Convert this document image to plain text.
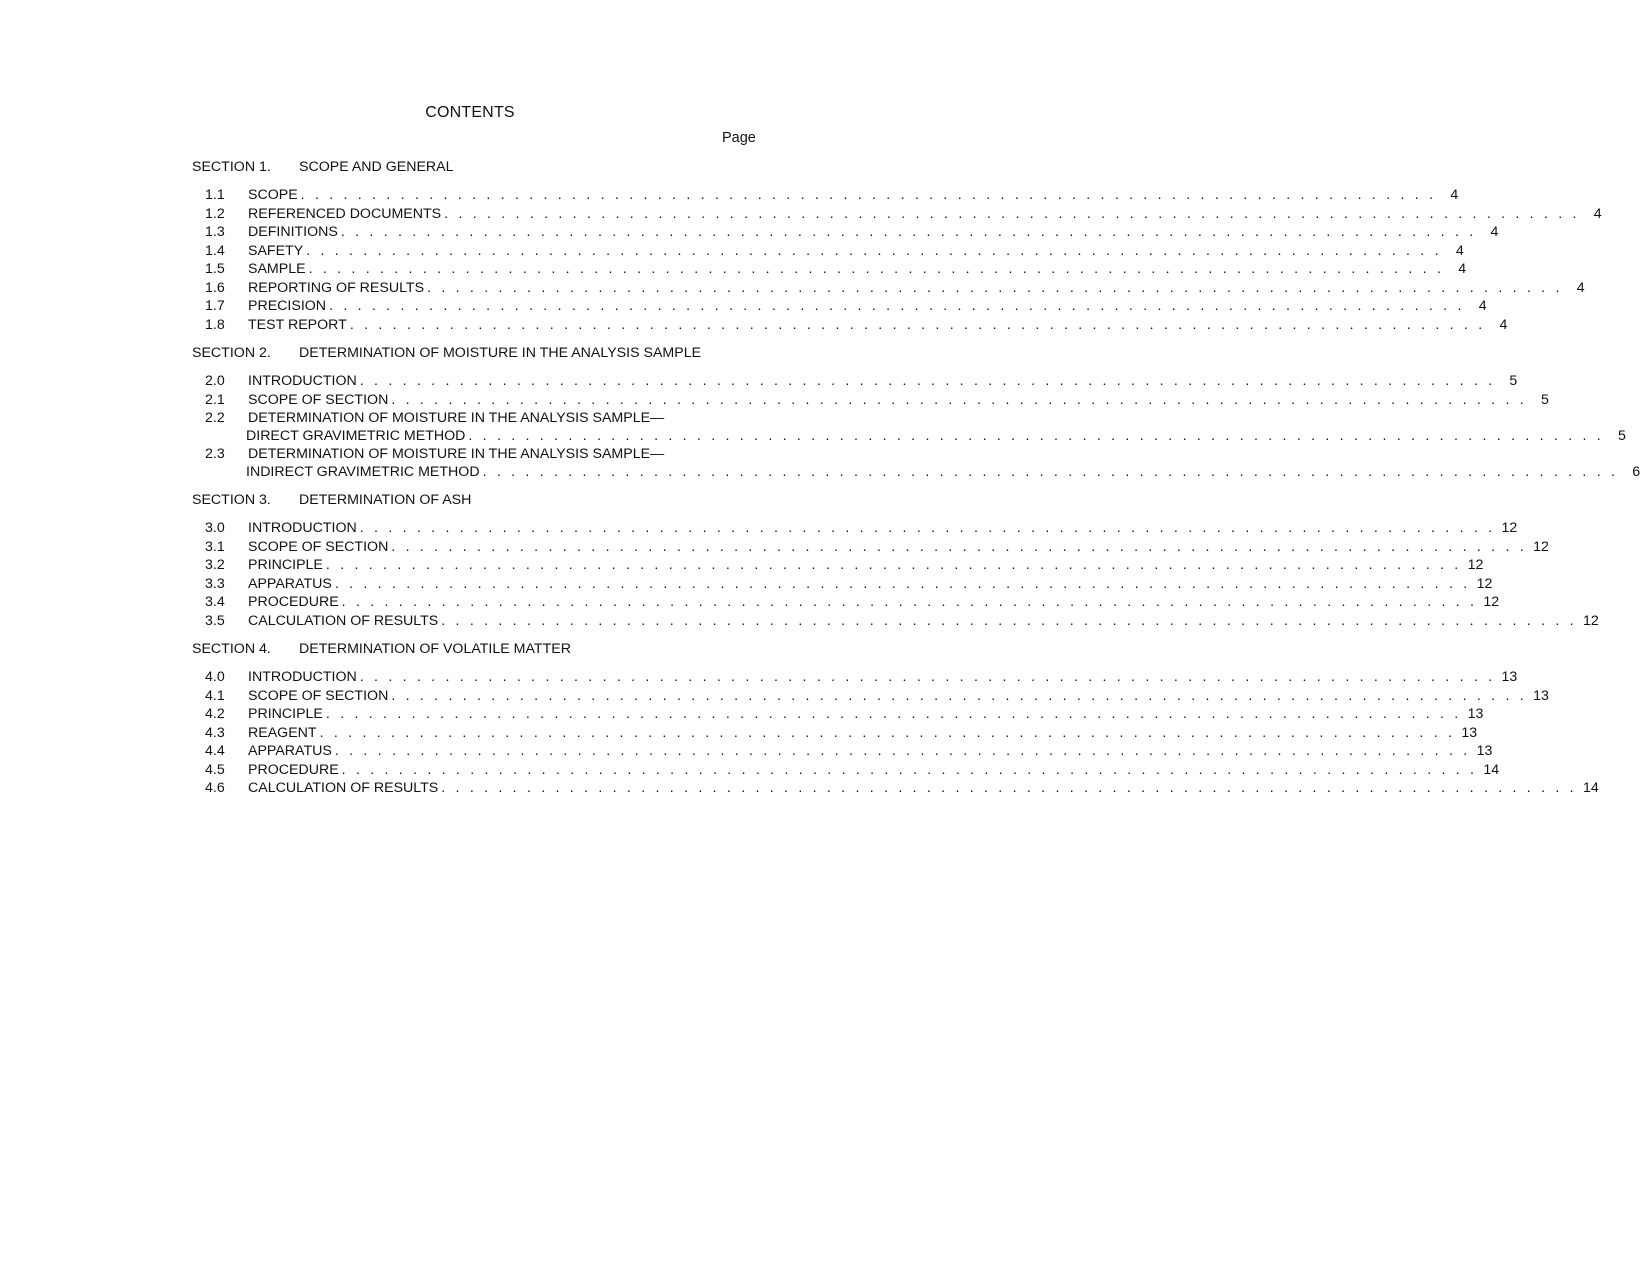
CONTENTS
Page
SECTION 1. SCOPE AND GENERAL
1.1	SCOPE . . . . . . . . . . . . . . . . . . . . . . . . . . . . . . . . . . . . . . . . . . . . . . . . . . . . . . . . . . . . . . . . . . . . . . . . . . . . . . . . 4
1.2	REFERENCED DOCUMENTS . . . . . . . . . . . . . . . . . . . . . . . . . . . . . . . . . . . . . . . . . . . . . . . . . . . . . . . . . . . . . . . . . . . . . . . . . . . . . . . . 4
1.3	DEFINITIONS . . . . . . . . . . . . . . . . . . . . . . . . . . . . . . . . . . . . . . . . . . . . . . . . . . . . . . . . . . . . . . . . . . . . . . . . . . . . . . . . 4
1.4	SAFETY . . . . . . . . . . . . . . . . . . . . . . . . . . . . . . . . . . . . . . . . . . . . . . . . . . . . . . . . . . . . . . . . . . . . . . . . . . . . . . . . 4
1.5	SAMPLE . . . . . . . . . . . . . . . . . . . . . . . . . . . . . . . . . . . . . . . . . . . . . . . . . . . . . . . . . . . . . . . . . . . . . . . . . . . . . . . . 4
1.6	REPORTING OF RESULTS . . . . . . . . . . . . . . . . . . . . . . . . . . . . . . . . . . . . . . . . . . . . . . . . . . . . . . . . . . . . . . . . . . . . . . . . . . . . . . . . 4
1.7	PRECISION . . . . . . . . . . . . . . . . . . . . . . . . . . . . . . . . . . . . . . . . . . . . . . . . . . . . . . . . . . . . . . . . . . . . . . . . . . . . . . . . 4
1.8	TEST REPORT . . . . . . . . . . . . . . . . . . . . . . . . . . . . . . . . . . . . . . . . . . . . . . . . . . . . . . . . . . . . . . . . . . . . . . . . . . . . . . . . 4
SECTION 2. DETERMINATION OF MOISTURE IN THE ANALYSIS SAMPLE
2.0	INTRODUCTION . . . . . . . . . . . . . . . . . . . . . . . . . . . . . . . . . . . . . . . . . . . . . . . . . . . . . . . . . . . . . . . . . . . . . . . . . . . . . . . . 5
2.1	SCOPE OF SECTION . . . . . . . . . . . . . . . . . . . . . . . . . . . . . . . . . . . . . . . . . . . . . . . . . . . . . . . . . . . . . . . . . . . . . . . . . . . . . . . . 5
2.2	DETERMINATION OF MOISTURE IN THE ANALYSIS SAMPLE—
DIRECT GRAVIMETRIC METHOD . . . . . . . . . . . . . . . . . . . . . . . . . . . . . . . . . . . . . . . . . . . . . . . . . . . . . . . . . . . . . . . . . . . . . . . . . . . . . . . . 5
2.3	DETERMINATION OF MOISTURE IN THE ANALYSIS SAMPLE—
INDIRECT GRAVIMETRIC METHOD . . . . . . . . . . . . . . . . . . . . . . . . . . . . . . . . . . . . . . . . . . . . . . . . . . . . . . . . . . . . . . . . . . . . . . . . . . . . . . . . 6
SECTION 3. DETERMINATION OF ASH
3.0	INTRODUCTION . . . . . . . . . . . . . . . . . . . . . . . . . . . . . . . . . . . . . . . . . . . . . . . . . . . . . . . . . . . . . . . . . . . . . . . . . . . . . . . . 12
3.1	SCOPE OF SECTION . . . . . . . . . . . . . . . . . . . . . . . . . . . . . . . . . . . . . . . . . . . . . . . . . . . . . . . . . . . . . . . . . . . . . . . . . . . . . . . . 12
3.2	PRINCIPLE . . . . . . . . . . . . . . . . . . . . . . . . . . . . . . . . . . . . . . . . . . . . . . . . . . . . . . . . . . . . . . . . . . . . . . . . . . . . . . . . 12
3.3	APPARATUS . . . . . . . . . . . . . . . . . . . . . . . . . . . . . . . . . . . . . . . . . . . . . . . . . . . . . . . . . . . . . . . . . . . . . . . . . . . . . . . . 12
3.4	PROCEDURE . . . . . . . . . . . . . . . . . . . . . . . . . . . . . . . . . . . . . . . . . . . . . . . . . . . . . . . . . . . . . . . . . . . . . . . . . . . . . . . . 12
3.5	CALCULATION OF RESULTS . . . . . . . . . . . . . . . . . . . . . . . . . . . . . . . . . . . . . . . . . . . . . . . . . . . . . . . . . . . . . . . . . . . . . . . . . . . . . . . . 12
SECTION 4. DETERMINATION OF VOLATILE MATTER
4.0	INTRODUCTION . . . . . . . . . . . . . . . . . . . . . . . . . . . . . . . . . . . . . . . . . . . . . . . . . . . . . . . . . . . . . . . . . . . . . . . . . . . . . . . . 13
4.1	SCOPE OF SECTION . . . . . . . . . . . . . . . . . . . . . . . . . . . . . . . . . . . . . . . . . . . . . . . . . . . . . . . . . . . . . . . . . . . . . . . . . . . . . . . . 13
4.2	PRINCIPLE . . . . . . . . . . . . . . . . . . . . . . . . . . . . . . . . . . . . . . . . . . . . . . . . . . . . . . . . . . . . . . . . . . . . . . . . . . . . . . . . 13
4.3	REAGENT . . . . . . . . . . . . . . . . . . . . . . . . . . . . . . . . . . . . . . . . . . . . . . . . . . . . . . . . . . . . . . . . . . . . . . . . . . . . . . . . 13
4.4	APPARATUS . . . . . . . . . . . . . . . . . . . . . . . . . . . . . . . . . . . . . . . . . . . . . . . . . . . . . . . . . . . . . . . . . . . . . . . . . . . . . . . . 13
4.5	PROCEDURE . . . . . . . . . . . . . . . . . . . . . . . . . . . . . . . . . . . . . . . . . . . . . . . . . . . . . . . . . . . . . . . . . . . . . . . . . . . . . . . . 14
4.6	CALCULATION OF RESULTS . . . . . . . . . . . . . . . . . . . . . . . . . . . . . . . . . . . . . . . . . . . . . . . . . . . . . . . . . . . . . . . . . . . . . . . . . . . . . . . . 14
